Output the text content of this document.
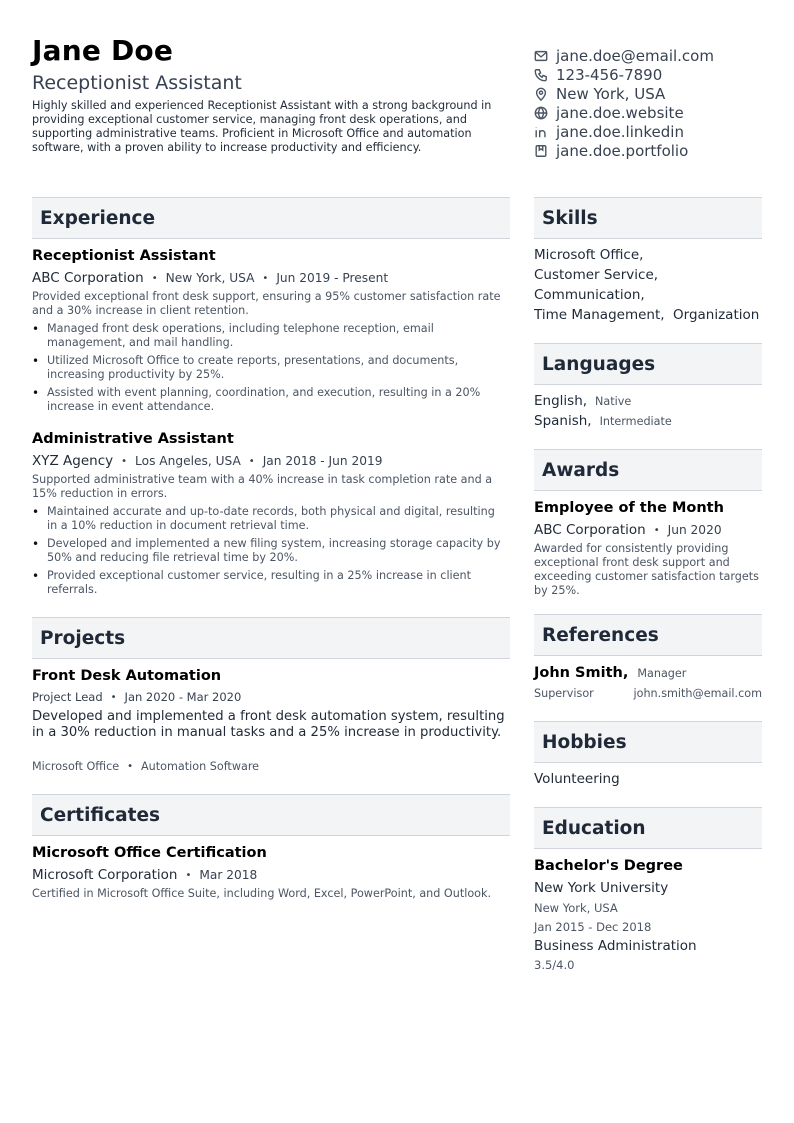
Jane Doe
Receptionist Assistant
Highly skilled and experienced Receptionist Assistant with a strong background in providing exceptional customer service, managing front desk operations, and supporting administrative teams. Proficient in Microsoft Office and automation software, with a proven ability to increase productivity and efficiency.
jane.doe@email.com
123-456-7890
New York, USA
jane.doe.website
jane.doe.linkedin
jane.doe.portfolio
Experience
Receptionist Assistant
ABC Corporation • New York, USA • Jun 2019 - Present
Provided exceptional front desk support, ensuring a 95% customer satisfaction rate and a 30% increase in client retention.
• Managed front desk operations, including telephone reception, email management, and mail handling.
• Utilized Microsoft Office to create reports, presentations, and documents, increasing productivity by 25%.
• Assisted with event planning, coordination, and execution, resulting in a 20% increase in event attendance.
Administrative Assistant
XYZ Agency • Los Angeles, USA • Jan 2018 - Jun 2019
Supported administrative team with a 40% increase in task completion rate and a 15% reduction in errors.
• Maintained accurate and up-to-date records, both physical and digital, resulting in a 10% reduction in document retrieval time.
• Developed and implemented a new filing system, increasing storage capacity by 50% and reducing file retrieval time by 20%.
• Provided exceptional customer service, resulting in a 25% increase in client referrals.
Projects
Front Desk Automation
Project Lead • Jan 2020 - Mar 2020
Developed and implemented a front desk automation system, resulting in a 30% reduction in manual tasks and a 25% increase in productivity.
Microsoft Office • Automation Software
Certificates
Microsoft Office Certification
Microsoft Corporation • Mar 2018
Certified in Microsoft Office Suite, including Word, Excel, PowerPoint, and Outlook.
Skills
Microsoft Office,
Customer Service,
Communication,
Time Management, Organization
Languages
English, Native
Spanish, Intermediate
Awards
Employee of the Month
ABC Corporation • Jun 2020
Awarded for consistently providing exceptional front desk support and exceeding customer satisfaction targets by 25%.
References
John Smith, Manager
Supervisor	john.smith@email.com
Hobbies
Volunteering
Education
Bachelor's Degree
New York University
New York, USA
Jan 2015 - Dec 2018
Business Administration
3.5/4.0
